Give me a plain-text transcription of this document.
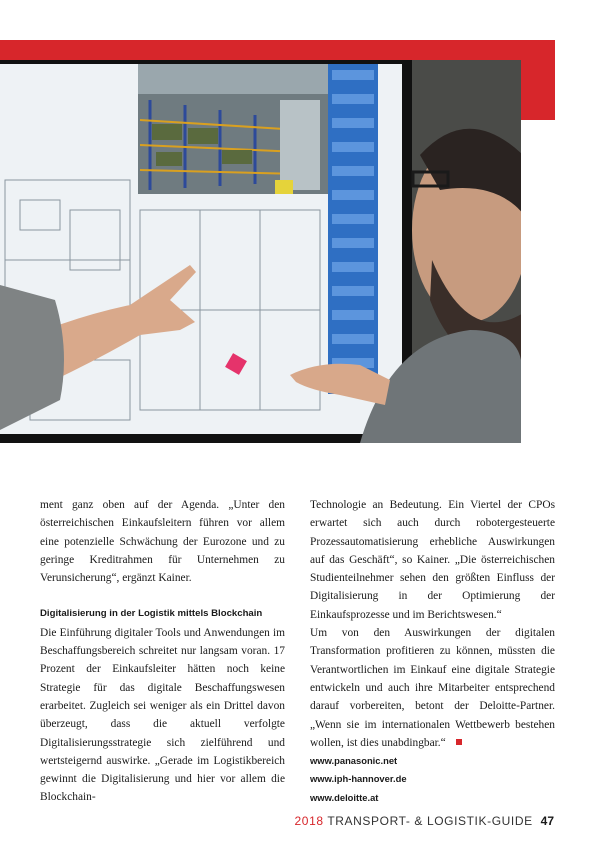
ment ganz oben auf der Agenda. „Unter den österreichischen Einkaufsleitern führen vor allem eine potenzielle Schwächung der Eurozone und zu geringe Kreditrahmen für Unternehmen zu Verunsicherung“, ergänzt Kainer.

Digitalisierung in der Logistik mittels Blockchain

Die Einführung digitaler Tools und Anwendungen im Beschaffungsbereich schreitet nur langsam voran. 17 Prozent der Einkaufsleiter hätten noch keine Strategie für das digitale Beschaffungswesen erarbeitet. Zugleich sei weniger als ein Drittel davon überzeugt, dass die aktuell verfolgte Digitalisierungsstrategie sich zielführend und wertsteigernd auswirke. „Gerade im Logistikbereich gewinnt die Digitalisierung und hier vor allem die Blockchain-

Technologie an Bedeutung. Ein Viertel der CPOs erwartet sich auch durch robotergesteuerte Prozessautomatisierung erhebliche Auswirkungen auf das Geschäft“, so Kainer. „Die österreichischen Studienteilnehmer sehen den größten Einfluss der Digitalisierung in der Optimierung der Einkaufsprozesse und im Berichtswesen.“

Um von den Auswirkungen der digitalen Transformation profitieren zu können, müssten die Verantwortlichen im Einkauf eine digitale Strategie entwickeln und auch ihre Mitarbeiter entsprechend darauf vorbereiten, betont der Deloitte-Partner. „Wenn sie im internationalen Wettbewerb bestehen wollen, ist dies unabdingbar.“

www.panasonic.net
www.iph-hannover.de
www.deloitte.at
2018 TRANSPORT- & LOGISTIK-GUIDE 47
